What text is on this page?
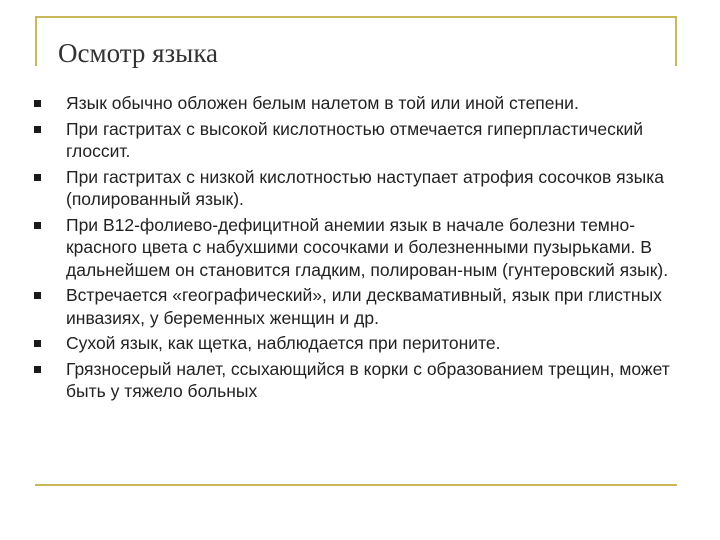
Осмотр языка
Язык обычно обложен белым налетом в той или иной степени.
При гастритах с высокой кислотностью отмечается гиперпластический глоссит.
При гастритах с низкой кислотностью наступает атрофия сосочков языка (полированный язык).
При В12-фолиево-дефицитной анемии язык в начале болезни темно-красного цвета с набухшими сосочками и болезненными пузырьками. В дальнейшем он становится гладким, полирован-ным (гунтеровский язык).
Встречается «географический», или десквамативный, язык при глистных инвазиях, у беременных женщин и др.
Сухой язык, как щетка, наблюдается при перитоните.
Грязносерый налет, ссыхающийся в корки с образованием трещин, может быть у тяжело больных
